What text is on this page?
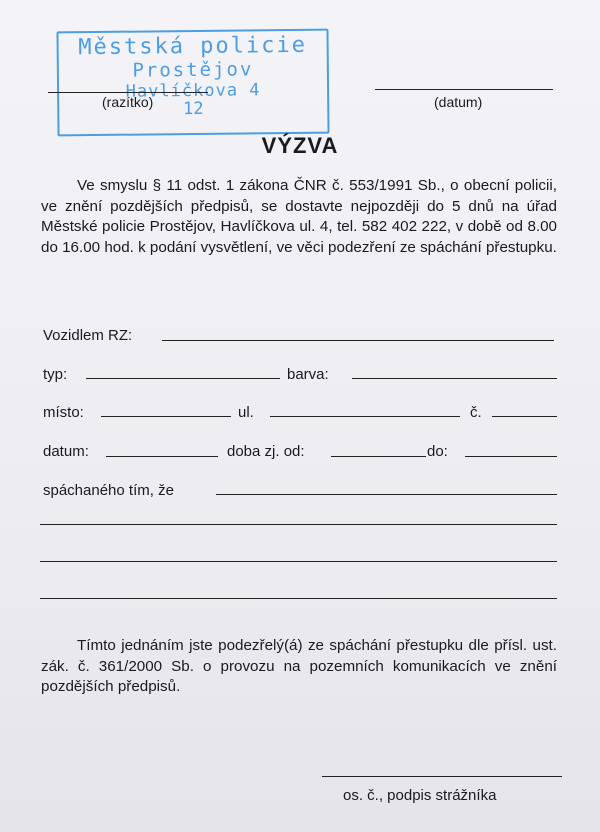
Městská policie
Prostějov
Havlíčkova 4
12
(razítko)	(datum)
VÝZVA
Ve smyslu § 11 odst. 1 zákona ČNR č. 553/1991 Sb., o obecní policii, ve znění pozdějších předpisů, se dostavte nejpozději do 5 dnů na úřad Městské policie Prostějov, Havlíčkova ul. 4, tel. 582 402 222, v době od 8.00 do 16.00 hod. k podání vysvětlení, ve věci podezření ze spáchání přestupku.
Vozidlem RZ:
typ:	barva:
místo:	ul.	č.
datum:	doba zj. od:	do:
spáchaného tím, že
Tímto jednáním jste podezřelý(á) ze spáchání přestupku dle přísl. ust. zák. č. 361/2000 Sb. o provozu na pozemních komunikacích ve znění pozdějších předpisů.
os. č., podpis strážníka
